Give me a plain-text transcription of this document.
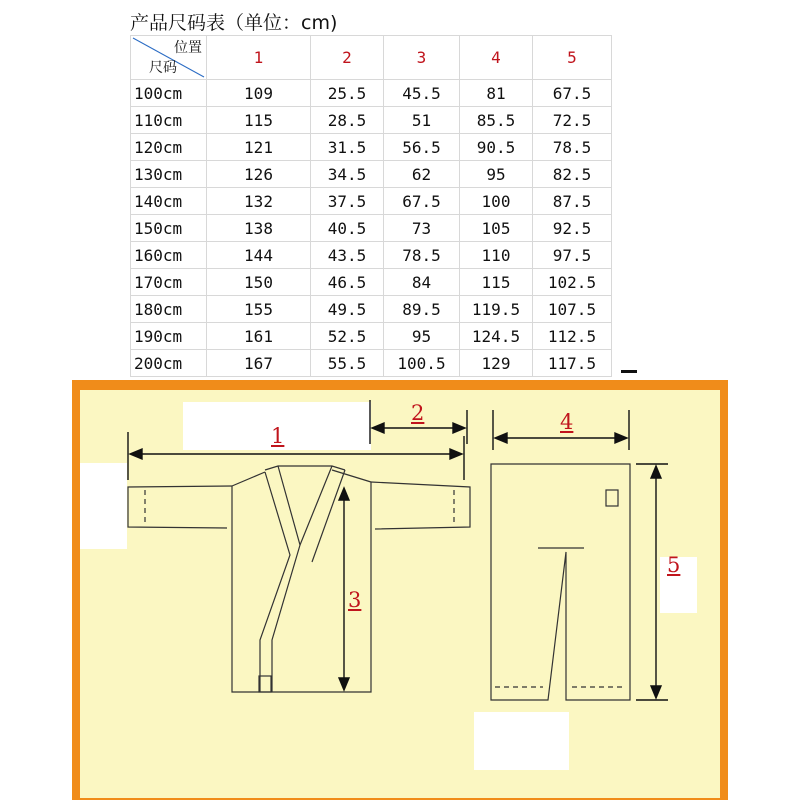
产品尺码表（单位：cm)
位置
尺码	1	2	3	4	5
100cm	109	25.5	45.5	81	67.5
110cm	115	28.5	51	85.5	72.5
120cm	121	31.5	56.5	90.5	78.5
130cm	126	34.5	62	95	82.5
140cm	132	37.5	67.5	100	87.5
150cm	138	40.5	73	105	92.5
160cm	144	43.5	78.5	110	97.5
170cm	150	46.5	84	115	102.5
180cm	155	49.5	89.5	119.5	107.5
190cm	161	52.5	95	124.5	112.5
200cm	167	55.5	100.5	129	117.5
1
2
3
4
5
